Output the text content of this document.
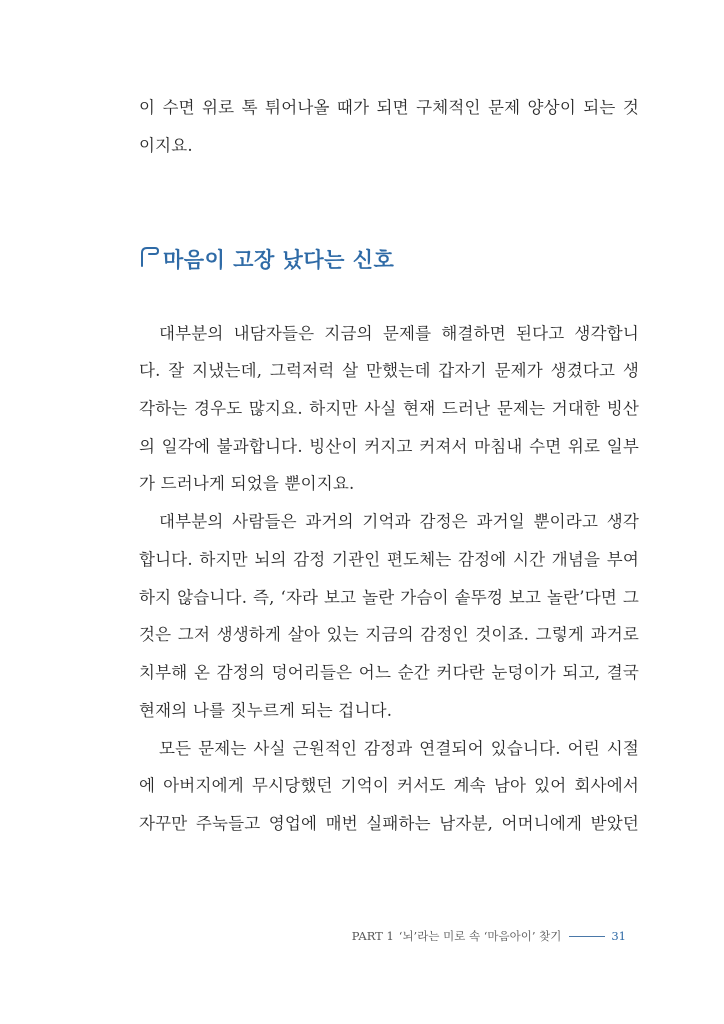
이 수면 위로 톡 튀어나올 때가 되면 구체적인 문제 양상이 되는 것
이지요.
마음이 고장 났다는 신호
대부분의 내담자들은 지금의 문제를 해결하면 된다고 생각합니
다. 잘 지냈는데, 그럭저럭 살 만했는데 갑자기 문제가 생겼다고 생
각하는 경우도 많지요. 하지만 사실 현재 드러난 문제는 거대한 빙산
의 일각에 불과합니다. 빙산이 커지고 커져서 마침내 수면 위로 일부
가 드러나게 되었을 뿐이지요.
대부분의 사람들은 과거의 기억과 감정은 과거일 뿐이라고 생각
합니다. 하지만 뇌의 감정 기관인 편도체는 감정에 시간 개념을 부여
하지 않습니다. 즉, ‘자라 보고 놀란 가슴이 솥뚜껑 보고 놀란’다면 그
것은 그저 생생하게 살아 있는 지금의 감정인 것이죠. 그렇게 과거로
치부해 온 감정의 덩어리들은 어느 순간 커다란 눈덩이가 되고, 결국
현재의 나를 짓누르게 되는 겁니다.
모든 문제는 사실 근원적인 감정과 연결되어 있습니다. 어린 시절
에 아버지에게 무시당했던 기억이 커서도 계속 남아 있어 회사에서
자꾸만 주눅들고 영업에 매번 실패하는 남자분, 어머니에게 받았던
PART 1 ‘뇌’라는 미로 속 ‘마음아이’ 찾기	31
